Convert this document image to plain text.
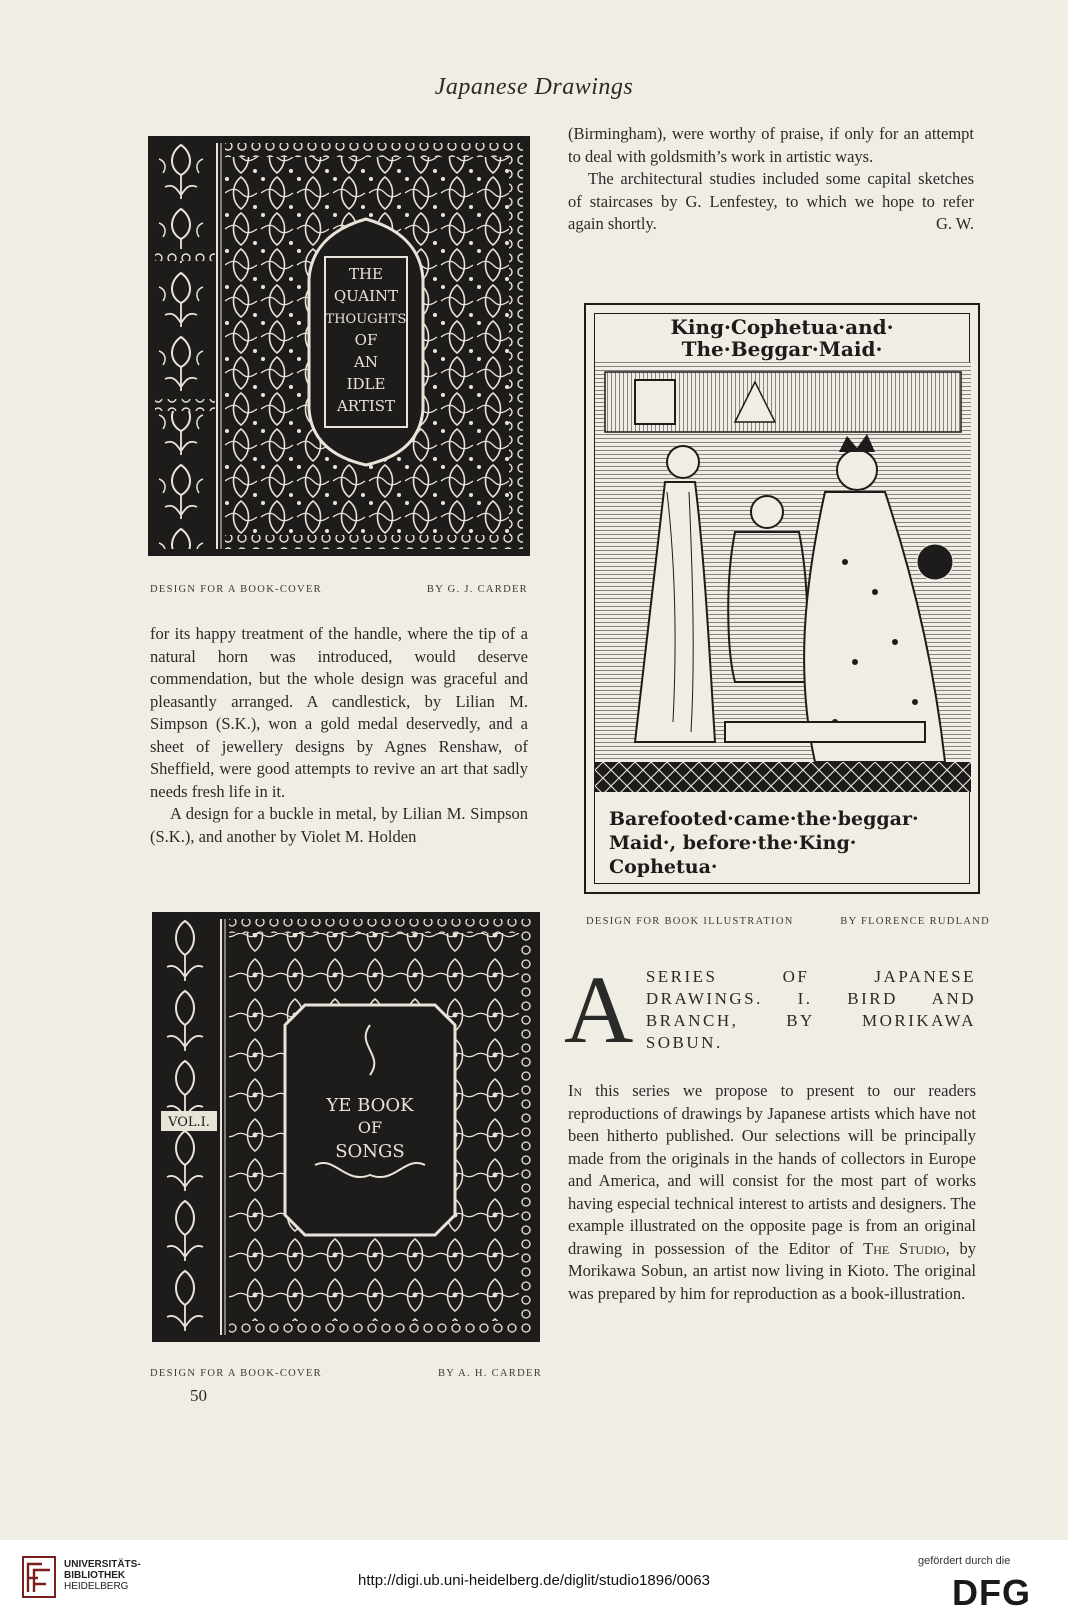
Japanese Drawings
THE
QUAINT
THOUGHTS
OF
AN
IDLE
ARTIST
DESIGN FOR A BOOK-COVER	BY G. J. CARDER

for its happy treatment of the handle, where the tip of a natural horn was introduced, would deserve commendation, but the whole design was graceful and pleasantly arranged. A candlestick, by Lilian M. Simpson (S.K.), won a gold medal deservedly, and a sheet of jewellery designs by Agnes Renshaw, of Sheffield, were good attempts to revive an art that sadly needs fresh life in it.

A design for a buckle in metal, by Lilian M. Simpson (S.K.), and another by Violet M. Holden

(Birmingham), were worthy of praise, if only for an attempt to deal with goldsmith’s work in artistic ways.

The architectural studies included some capital sketches of staircases by G. Lenfestey, to which we hope to refer again shortly.	G. W.

King·Cophetua·and·
The·Beggar·Maid·
Barefooted·came·the·beggar·
Maid·, before·the·King·
Cophetua·
DESIGN FOR BOOK ILLUSTRATION	BY FLORENCE RUDLAND
VOL.I.
YE BOOK
OF
SONGS
DESIGN FOR A BOOK-COVER	BY A. H. CARDER
50
A SERIES OF JAPANESE DRAWINGS. I. BIRD AND BRANCH, BY MORIKAWA SOBUN.

In this series we propose to present to our readers reproductions of drawings by Japanese artists which have not been hitherto published. Our selections will be principally made from the originals in the hands of collectors in Europe and America, and will consist for the most part of works having especial technical interest to artists and designers. The example illustrated on the opposite page is from an original drawing in possession of the Editor of The Studio, by Morikawa Sobun, an artist now living in Kioto. The original was prepared by him for reproduction as a book-illustration.

UNIVERSITÄTS-
BIBLIOTHEK
HEIDELBERG	http://digi.ub.uni-heidelberg.de/diglit/studio1896/0063
gefördert durch die
DFG
